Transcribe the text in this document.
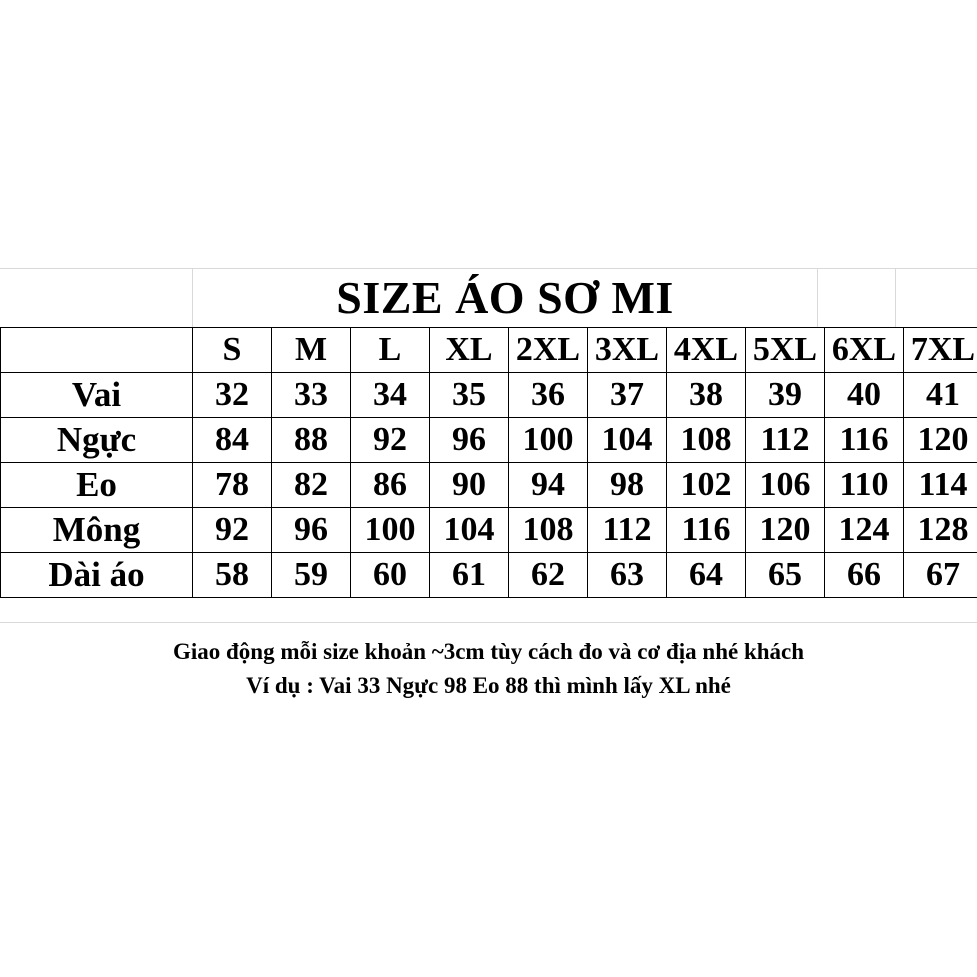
SIZE ÁO SƠ MI
	S	M	L	XL	2XL	3XL	4XL	5XL	6XL	7XL
Vai	32	33	34	35	36	37	38	39	40	41
Ngực	84	88	92	96	100	104	108	112	116	120
Eo	78	82	86	90	94	98	102	106	110	114
Mông	92	96	100	104	108	112	116	120	124	128
Dài áo	58	59	60	61	62	63	64	65	66	67
Giao động mỗi size khoản ~3cm tùy cách đo và cơ địa nhé khách
Ví dụ : Vai 33 Ngực 98 Eo 88 thì mình lấy XL nhé
